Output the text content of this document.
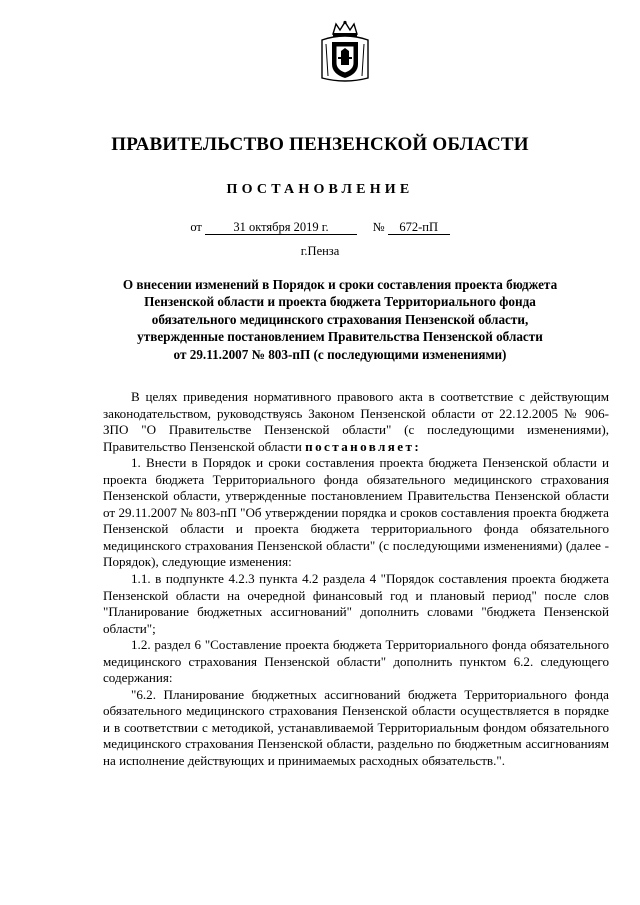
ПРАВИТЕЛЬСТВО ПЕНЗЕНСКОЙ ОБЛАСТИ
ПОСТАНОВЛЕНИЕ
от	31 октября 2019 г.	№ 672-пП
г.Пенза
О внесении изменений в Порядок и сроки составления проекта бюджета
Пензенской области и проекта бюджета Территориального фонда
обязательного медицинского страхования Пензенской области,
утвержденные постановлением Правительства Пензенской области
от 29.11.2007 № 803-пП (с последующими изменениями)

В целях приведения нормативного правового акта в соответствие с действующим законодательством, руководствуясь Законом Пензенской области от 22.12.2005 № 906-ЗПО "О Правительстве Пензенской области" (с последующими изменениями), Правительство Пензенской области постановляет:

1. Внести в Порядок и сроки составления проекта бюджета Пензенской области и проекта бюджета Территориального фонда обязательного медицинского страхования Пензенской области, утвержденные постановлением Правительства Пензенской области от 29.11.2007 № 803-пП "Об утверждении порядка и сроков составления проекта бюджета Пензенской области и проекта бюджета территориального фонда обязательного медицинского страхования Пензенской области" (с последующими изменениями) (далее - Порядок), следующие изменения:

1.1. в подпункте 4.2.3 пункта 4.2 раздела 4 "Порядок составления проекта бюджета Пензенской области на очередной финансовый год и плановый период" после слов "Планирование бюджетных ассигнований" дополнить словами "бюджета Пензенской области";

1.2. раздел 6 "Составление проекта бюджета Территориального фонда обязательного медицинского страхования Пензенской области" дополнить пунктом 6.2. следующего содержания:

"6.2. Планирование бюджетных ассигнований бюджета Территориального фонда обязательного медицинского страхования Пензенской области осуществляется в порядке и в соответствии с методикой, устанавливаемой Территориальным фондом обязательного медицинского страхования Пензенской области, раздельно по бюджетным ассигнованиям на исполнение действующих и принимаемых расходных обязательств.".
